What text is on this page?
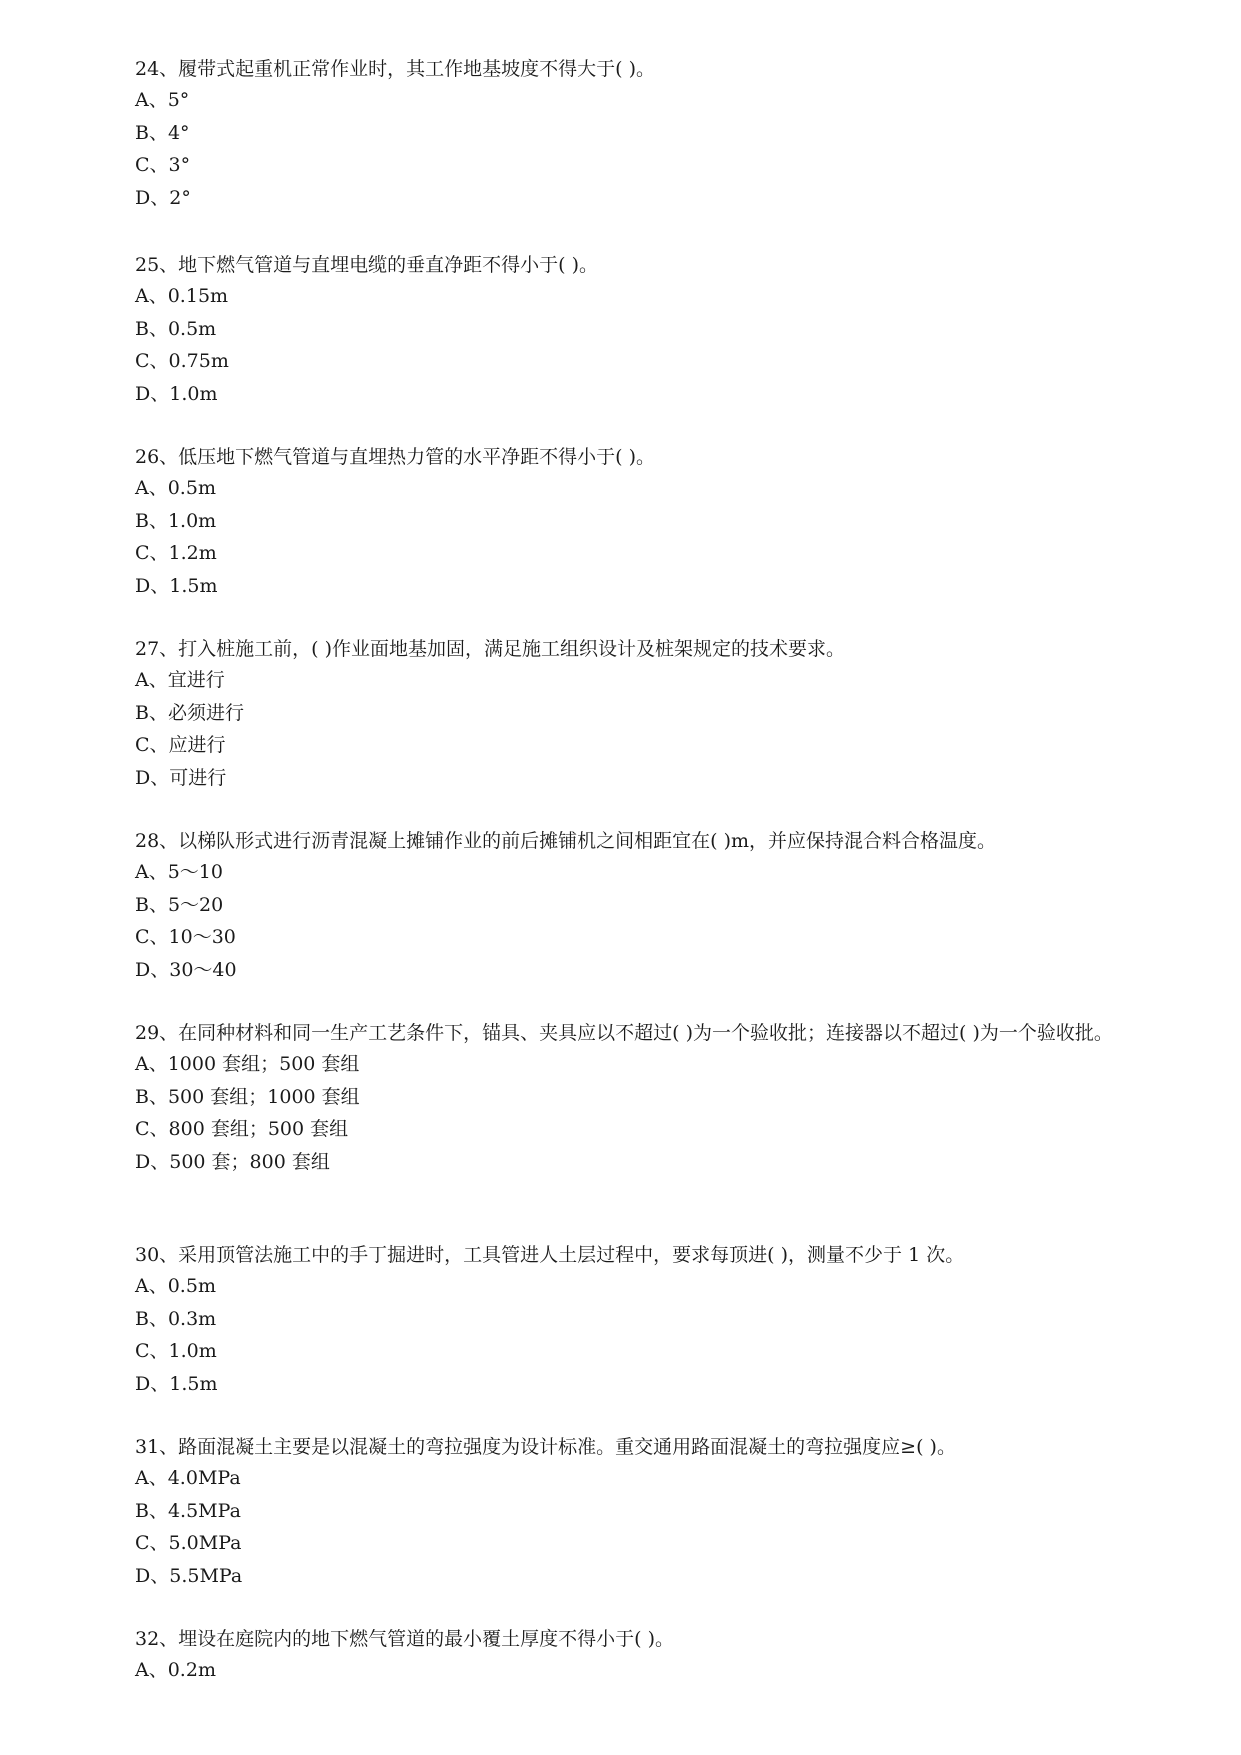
24、履带式起重机正常作业时，其工作地基坡度不得大于( )。

A、5°

B、4°

C、3°

D、2°

25、地下燃气管道与直埋电缆的垂直净距不得小于( )。

A、0.15m

B、0.5m

C、0.75m

D、1.0m

26、低压地下燃气管道与直埋热力管的水平净距不得小于( )。

A、0.5m

B、1.0m

C、1.2m

D、1.5m

27、打入桩施工前，( )作业面地基加固，满足施工组织设计及桩架规定的技术要求。

A、宜进行

B、必须进行

C、应进行

D、可进行

28、以梯队形式进行沥青混凝上摊铺作业的前后摊铺机之间相距宜在( )m，并应保持混合料合格温度。

A、5～10

B、5～20

C、10～30

D、30～40

29、在同种材料和同一生产工艺条件下，锚具、夹具应以不超过( )为一个验收批；连接器以不超过( )为一个验收批。

A、1000 套组；500 套组

B、500 套组；1000 套组

C、800 套组；500 套组

D、500 套；800 套组

30、采用顶管法施工中的手丁掘进时，工具管进人土层过程中，要求每顶进( )，测量不少于 1 次。

A、0.5m

B、0.3m

C、1.0m

D、1.5m

31、路面混凝土主要是以混凝土的弯拉强度为设计标准。重交通用路面混凝土的弯拉强度应≥( )。

A、4.0MPa

B、4.5MPa

C、5.0MPa

D、5.5MPa

32、埋设在庭院内的地下燃气管道的最小覆土厚度不得小于( )。

A、0.2m
